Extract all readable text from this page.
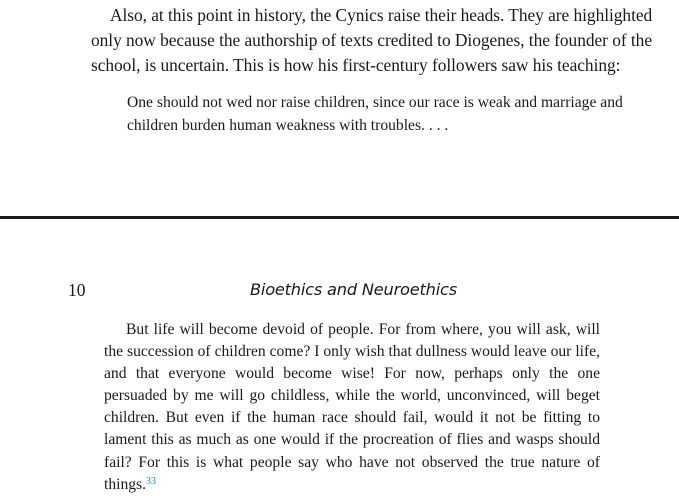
Also, at this point in history, the Cynics raise their heads. They are highlighted only now because the authorship of texts credited to Diogenes, the founder of the school, is uncertain. This is how his first-century followers saw his teaching:

One should not wed nor raise children, since our race is weak and marriage and children burden human weakness with troubles. . . .

10	Bioethics and Neuroethics

But life will become devoid of people. For from where, you will ask, will the succession of children come? I only wish that dullness would leave our life, and that everyone would become wise! For now, perhaps only the one persuaded by me will go childless, while the world, unconvinced, will beget children. But even if the human race should fail, would it not be fitting to lament this as much as one would if the procreation of flies and wasps should fail? For this is what people say who have not observed the true nature of things.$^{33}$
